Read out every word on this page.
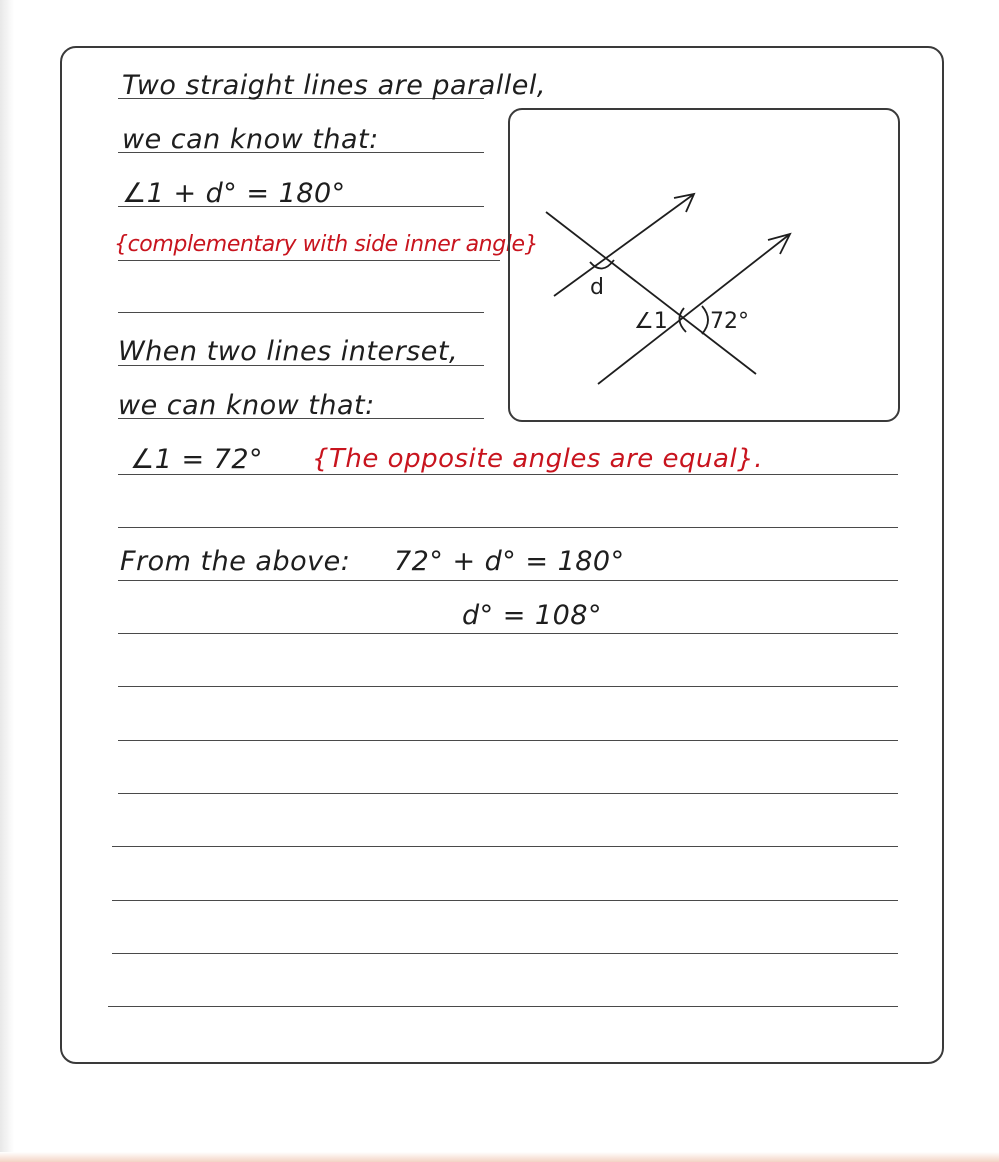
Two straight lines are parallel,
we can know that:
∠1 + d° = 180°
{complementary with side inner angle}
When two lines interset,
we can know that:
∠1 = 72° {The opposite angles are equal}.
From the above: 72° + d° = 180°
d° = 108°
d
∠1 72°
